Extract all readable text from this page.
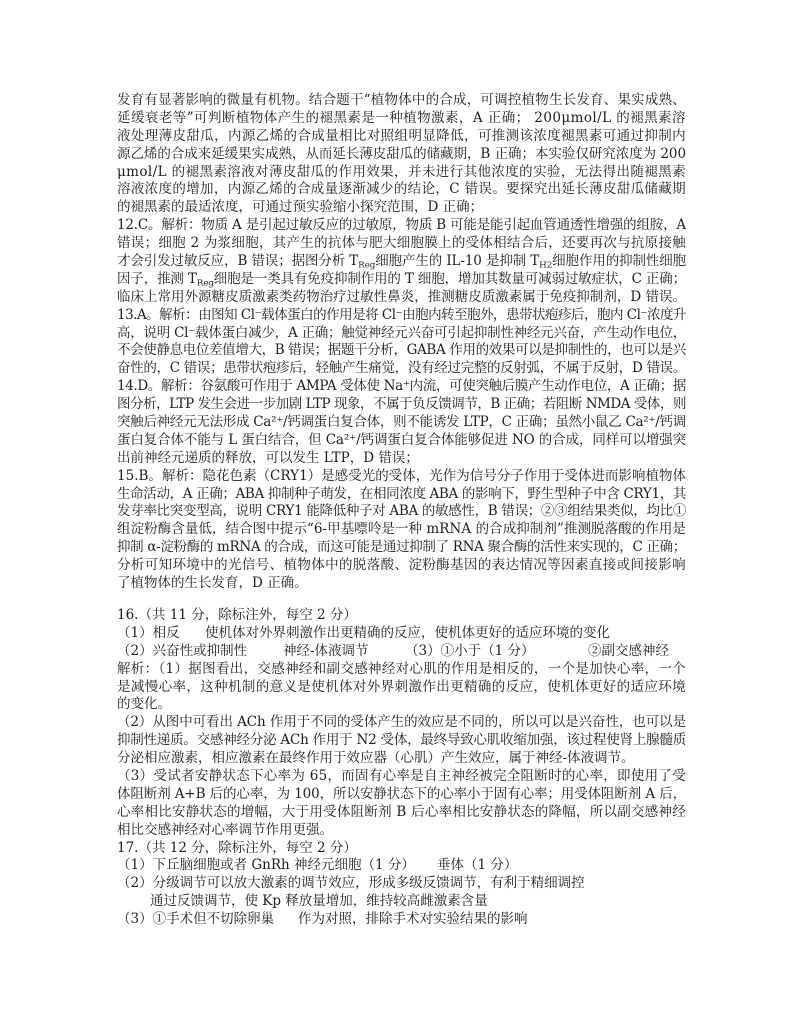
发育有显著影响的微量有机物。结合题干“植物体中的合成，可调控植物生长发育、果实成熟、
延缓衰老等”可判断植物体产生的褪黑素是一种植物激素，A 正确； 200μmol/L 的褪黑素溶
液处理薄皮甜瓜，内源乙烯的合成量相比对照组明显降低，可推测该浓度褪黑素可通过抑制内
源乙烯的合成来延缓果实成熟，从而延长薄皮甜瓜的储藏期，B 正确；本实验仅研究浓度为 200
μmol/L 的褪黑素溶液对薄皮甜瓜的作用效果，并未进行其他浓度的实验，无法得出随褪黑素
溶液浓度的增加，内源乙烯的合成量逐渐减少的结论，C 错误。要探究出延长薄皮甜瓜储藏期
的褪黑素的最适浓度，可通过预实验缩小探究范围，D 正确；
12.C。解析：物质 A 是引起过敏反应的过敏原，物质 B 可能是能引起血管通透性增强的组胺，A
错误；细胞 2 为浆细胞，其产生的抗体与肥大细胞膜上的受体相结合后，还要再次与抗原接触
才会引发过敏反应，B 错误；据图分析 $T_{Reg}$细胞产生的 IL-10 是抑制 $T_{H2}$细胞作用的抑制性细胞
因子，推测 $T_{Reg}$细胞是一类具有免疫抑制作用的 T 细胞，增加其数量可减弱过敏症状，C 正确；
临床上常用外源糖皮质激素类药物治疗过敏性鼻炎，推测糖皮质激素属于免疫抑制剂，D 错误。
13.A。解析：由图知 Cl⁻载体蛋白的作用是将 Cl⁻由胞内转至胞外，患带状疱疹后，胞内 Cl⁻浓度升
高，说明 Cl⁻载体蛋白减少，A 正确；触觉神经元兴奋可引起抑制性神经元兴奋，产生动作电位，
不会使静息电位差值增大，B 错误；据题干分析，GABA 作用的效果可以是抑制性的，也可以是兴
奋性的，C 错误；患带状疱疹后，轻触产生痛觉，没有经过完整的反射弧，不属于反射，D 错误。
14.D。解析：谷氨酸可作用于 AMPA 受体使 Na⁺内流，可使突触后膜产生动作电位，A 正确；据
图分析，LTP 发生会进一步加剧 LTP 现象，不属于负反馈调节，B 正确；若阻断 NMDA 受体，则
突触后神经元无法形成 Ca²⁺/钙调蛋白复合体，则不能诱发 LTP，C 正确；虽然小鼠乙 Ca²⁺/钙调
蛋白复合体不能与 L 蛋白结合，但 Ca²⁺/钙调蛋白复合体能够促进 NO 的合成，同样可以增强突
出前神经元递质的释放，可以发生 LTP，D 错误；
15.B。解析：隐花色素（CRY1）是感受光的受体，光作为信号分子作用于受体进而影响植物体
生命活动，A 正确；ABA 抑制种子萌发，在相同浓度 ABA 的影响下，野生型种子中含 CRY1，其
发芽率比突变型高，说明 CRY1 能降低种子对 ABA 的敏感性，B 错误；②③组结果类似，均比①
组淀粉酶含量低，结合图中提示“6-甲基嘌呤是一种 mRNA 的合成抑制剂”推测脱落酸的作用是
抑制 α-淀粉酶的 mRNA 的合成，而这可能是通过抑制了 RNA 聚合酶的活性来实现的，C 正确；
分析可知环境中的光信号、植物体中的脱落酸、淀粉酶基因的表达情况等因素直接或间接影响
了植物体的生长发育，D 正确。
16.（共 11 分，除标注外，每空 2 分）
（1）相反 使机体对外界刺激作出更精确的反应，使机体更好的适应环境的变化
（2）兴奋性或抑制性	神经-体液调节	（3）①小于（1 分）	②副交感神经
解析：（1）据图看出，交感神经和副交感神经对心肌的作用是相反的，一个是加快心率，一个
是减慢心率，这种机制的意义是使机体对外界刺激作出更精确的反应，使机体更好的适应环境
的变化。
（2）从图中可看出 ACh 作用于不同的受体产生的效应是不同的，所以可以是兴奋性，也可以是
抑制性递质。交感神经分泌 ACh 作用于 N2 受体，最终导致心肌收缩加强，该过程使肾上腺髓质
分泌相应激素，相应激素在最终作用于效应器（心肌）产生效应，属于神经-体液调节。
（3）受试者安静状态下心率为 65，而固有心率是自主神经被完全阻断时的心率，即使用了受
体阻断剂 A+B 后的心率，为 100，所以安静状态下的心率小于固有心率；用受体阻断剂 A 后，
心率相比安静状态的增幅，大于用受体阻断剂 B 后心率相比安静状态的降幅，所以副交感神经
相比交感神经对心率调节作用更强。
17.（共 12 分，除标注外，每空 2 分）
（1）下丘脑细胞或者 GnRh 神经元细胞（1 分） 垂体（1 分）
（2）分级调节可以放大激素的调节效应，形成多级反馈调节，有利于精细调控
通过反馈调节，使 Kp 释放量增加，维持较高雌激素含量
（3）①手术但不切除卵巢 作为对照，排除手术对实验结果的影响
